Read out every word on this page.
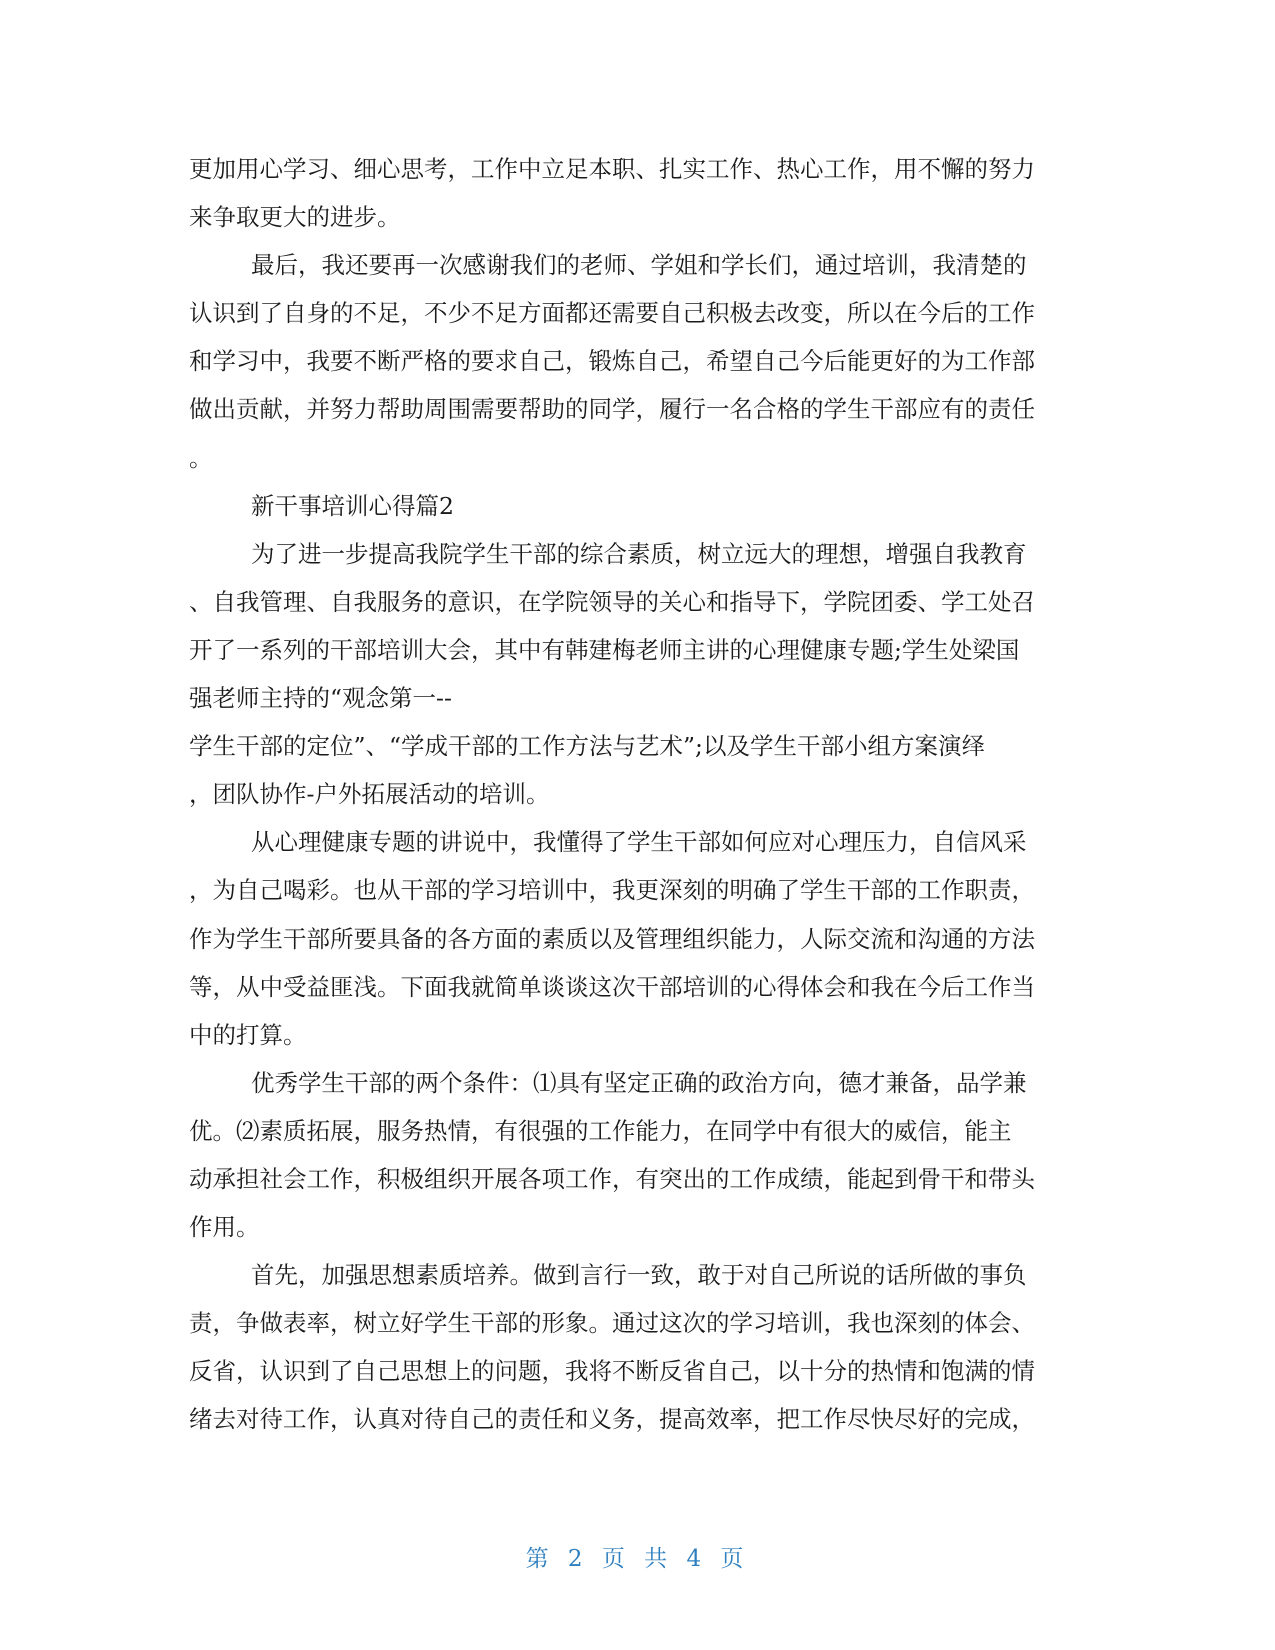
更加用心学习、细心思考，工作中立足本职、扎实工作、热心工作，用不懈的努力
来争取更大的进步。
最后，我还要再一次感谢我们的老师、学姐和学长们，通过培训，我清楚的
认识到了自身的不足，不少不足方面都还需要自己积极去改变，所以在今后的工作
和学习中，我要不断严格的要求自己，锻炼自己，希望自己今后能更好的为工作部
做出贡献，并努力帮助周围需要帮助的同学，履行一名合格的学生干部应有的责任
。
新干事培训心得篇2
为了进一步提高我院学生干部的综合素质，树立远大的理想，增强自我教育
、自我管理、自我服务的意识，在学院领导的关心和指导下，学院团委、学工处召
开了一系列的干部培训大会，其中有韩建梅老师主讲的心理健康专题;学生处梁国
强老师主持的“观念第一--
学生干部的定位”、“学成干部的工作方法与艺术”;以及学生干部小组方案演绎
，团队协作-户外拓展活动的培训。
从心理健康专题的讲说中，我懂得了学生干部如何应对心理压力，自信风采
，为自己喝彩。也从干部的学习培训中，我更深刻的明确了学生干部的工作职责，
作为学生干部所要具备的各方面的素质以及管理组织能力，人际交流和沟通的方法
等，从中受益匪浅。下面我就简单谈谈这次干部培训的心得体会和我在今后工作当
中的打算。
优秀学生干部的两个条件：⑴具有坚定正确的政治方向，德才兼备，品学兼
优。⑵素质拓展，服务热情，有很强的工作能力，在同学中有很大的威信，能主
动承担社会工作，积极组织开展各项工作，有突出的工作成绩，能起到骨干和带头
作用。
首先，加强思想素质培养。做到言行一致，敢于对自己所说的话所做的事负
责，争做表率，树立好学生干部的形象。通过这次的学习培训，我也深刻的体会、
反省，认识到了自己思想上的问题，我将不断反省自己，以十分的热情和饱满的情
绪去对待工作，认真对待自己的责任和义务，提高效率，把工作尽快尽好的完成，
第 2 页 共 4 页
